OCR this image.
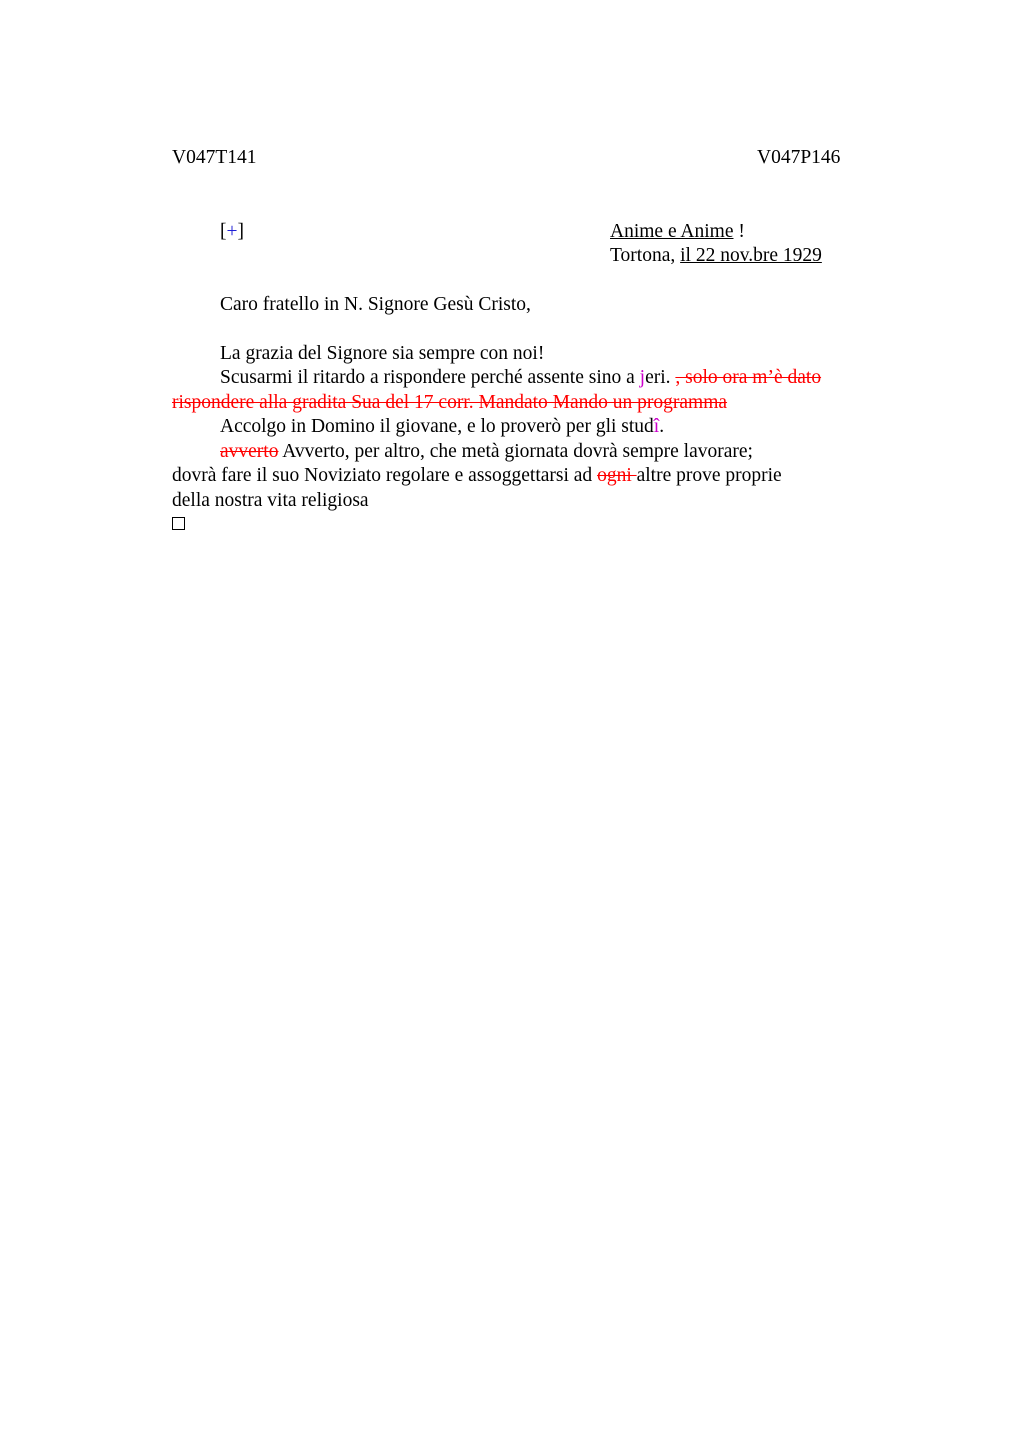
V047T141	V047P146
[+]	Anime e Anime !
Tortona, il 22 nov.bre 1929
Caro fratello in N. Signore Gesù Cristo,
La grazia del Signore sia sempre con noi!
Scusarmi il ritardo a rispondere perché assente sino a jeri. , solo ora m’è dato
rispondere alla gradita Sua del 17 corr. Mandato Mando un programma
Accolgo in Domino il giovane, e lo proverò per gli studî.
avverto Avverto, per altro, che metà giornata dovrà sempre lavorare;
dovrà fare il suo Noviziato regolare e assoggettarsi ad ogni altre prove proprie
della nostra vita religiosa
